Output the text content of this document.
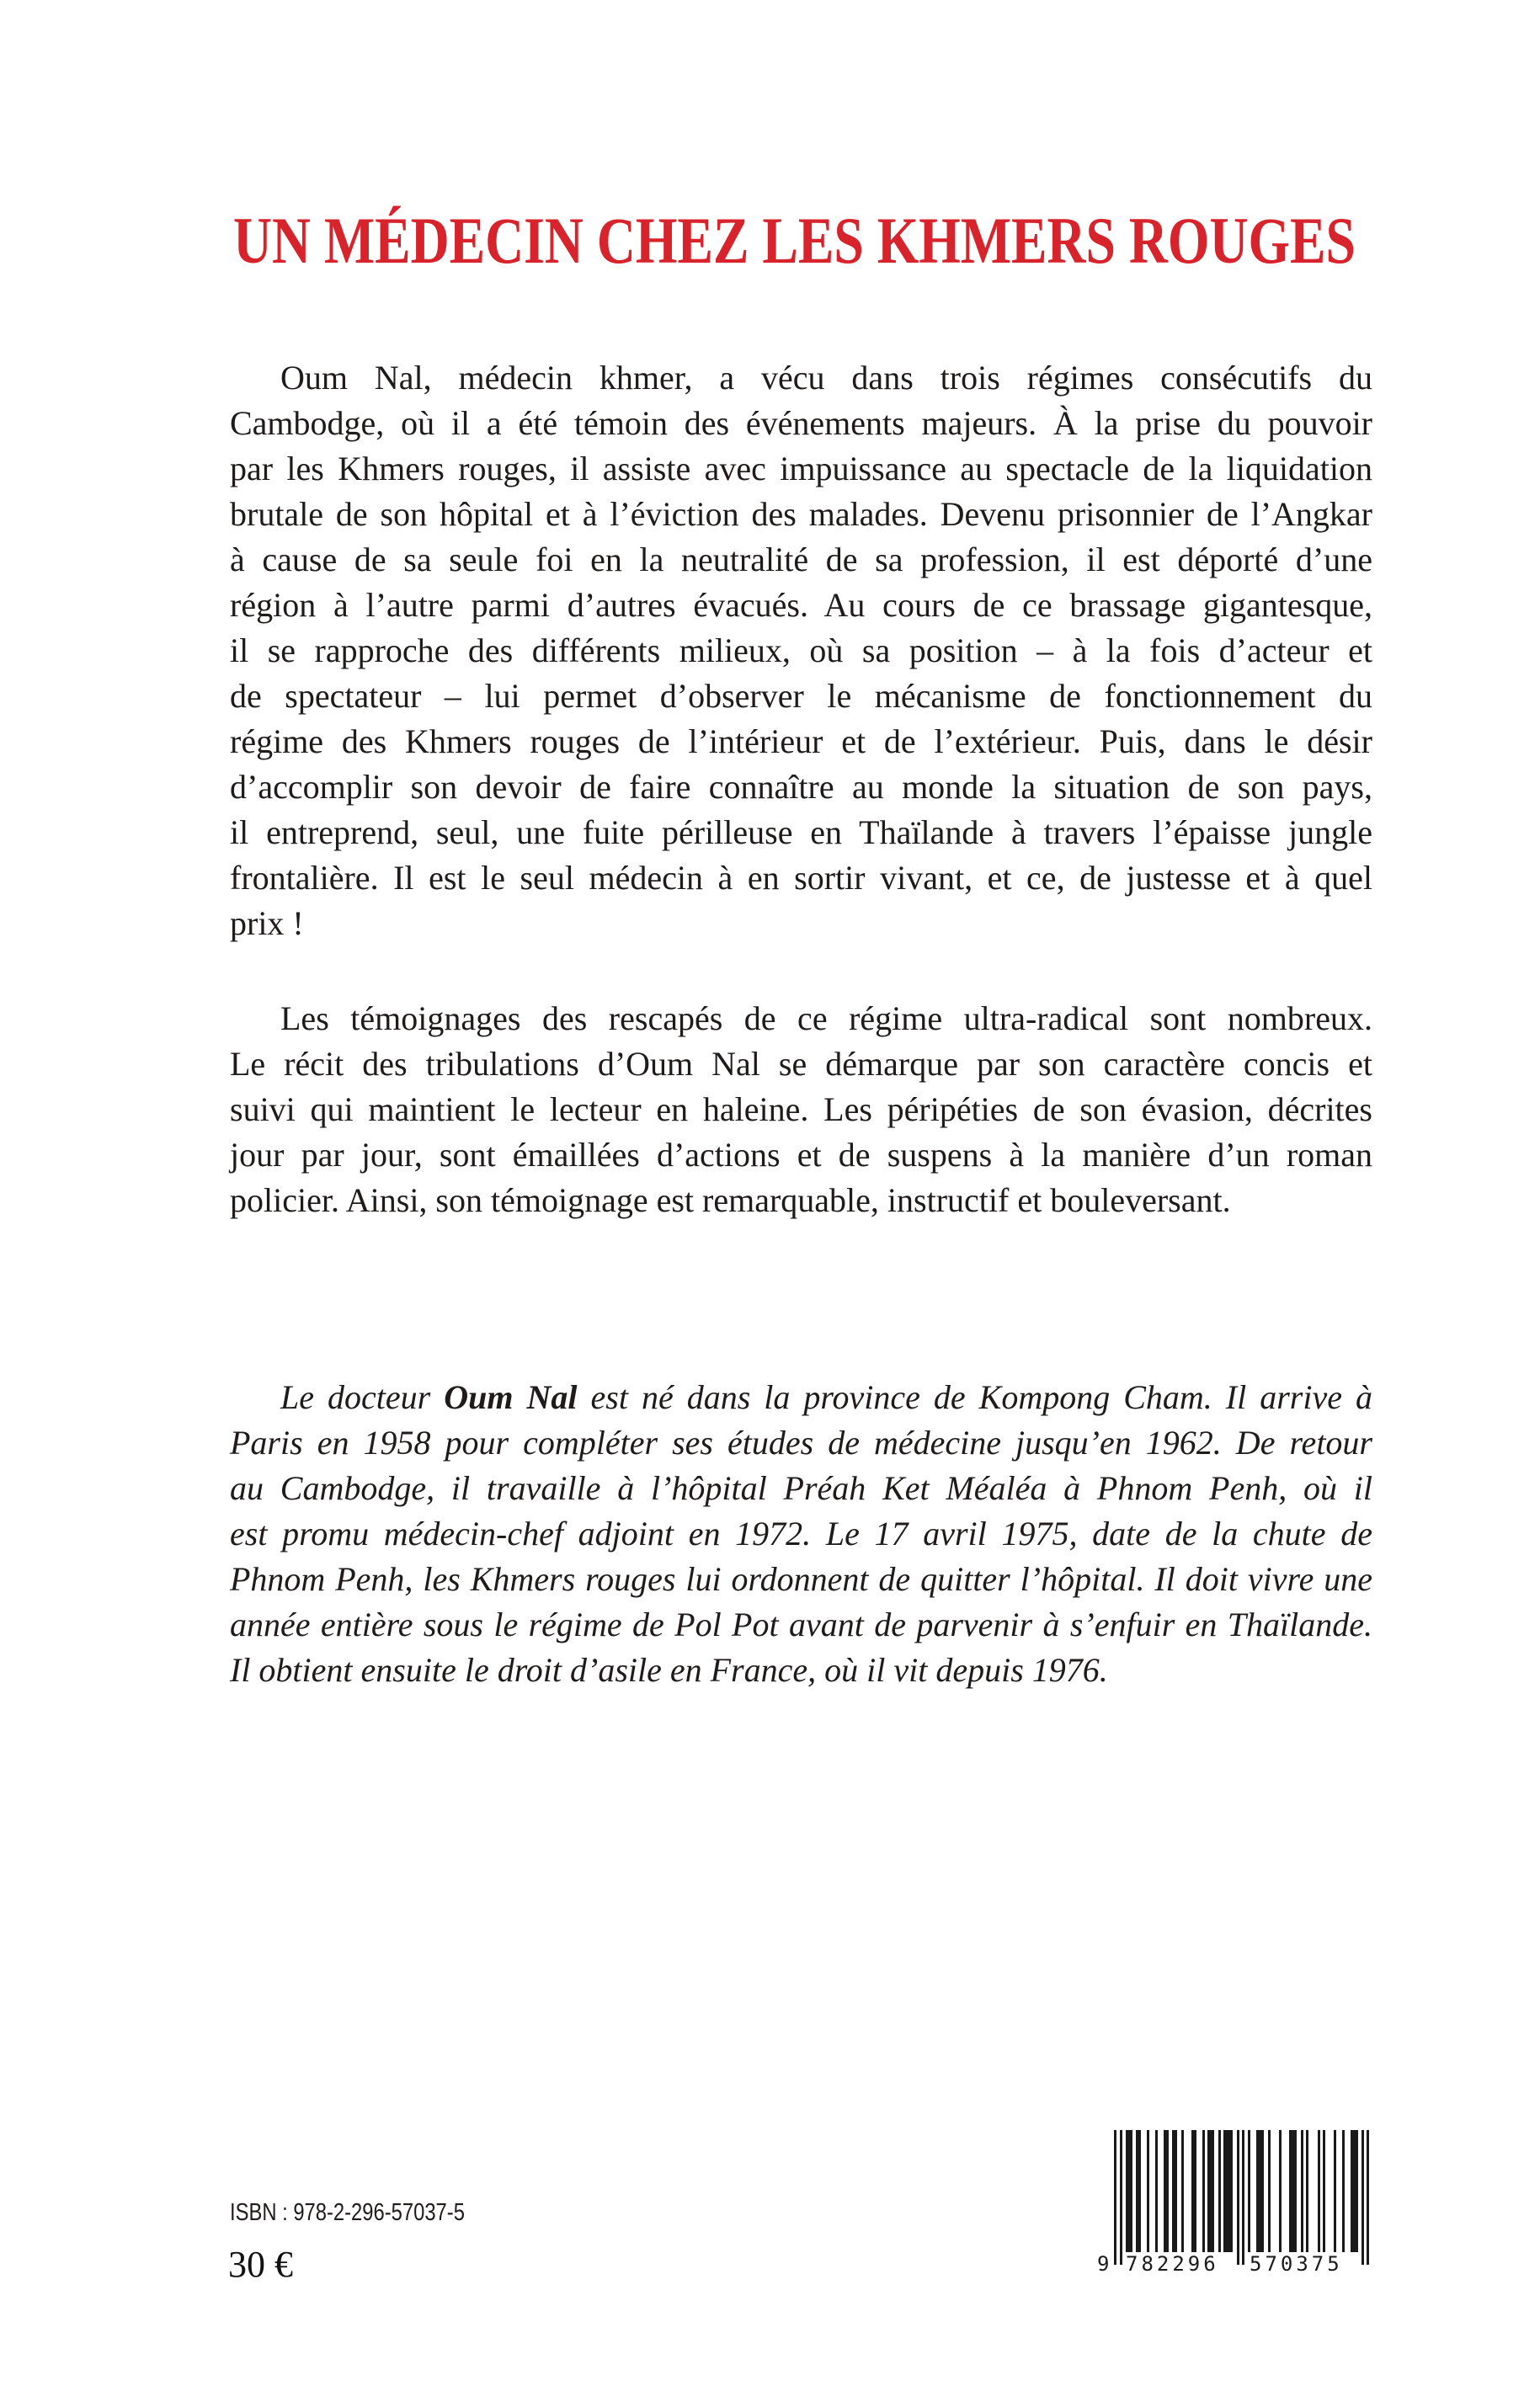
UN MÉDECIN CHEZ LES KHMERS ROUGES
Oum Nal, médecin khmer, a vécu dans trois régimes consécutifs du
Cambodge, où il a été témoin des événements majeurs. À la prise du pouvoir
par les Khmers rouges, il assiste avec impuissance au spectacle de la liquidation
brutale de son hôpital et à l’éviction des malades. Devenu prisonnier de l’Angkar
à cause de sa seule foi en la neutralité de sa profession, il est déporté d’une
région à l’autre parmi d’autres évacués. Au cours de ce brassage gigantesque,
il se rapproche des différents milieux, où sa position – à la fois d’acteur et
de spectateur – lui permet d’observer le mécanisme de fonctionnement du
régime des Khmers rouges de l’intérieur et de l’extérieur. Puis, dans le désir
d’accomplir son devoir de faire connaître au monde la situation de son pays,
il entreprend, seul, une fuite périlleuse en Thaïlande à travers l’épaisse jungle
frontalière. Il est le seul médecin à en sortir vivant, et ce, de justesse et à quel
prix !
Les témoignages des rescapés de ce régime ultra-radical sont nombreux.
Le récit des tribulations d’Oum Nal se démarque par son caractère concis et
suivi qui maintient le lecteur en haleine. Les péripéties de son évasion, décrites
jour par jour, sont émaillées d’actions et de suspens à la manière d’un roman
policier. Ainsi, son témoignage est remarquable, instructif et bouleversant.
Le docteur Oum Nal est né dans la province de Kompong Cham. Il arrive à
Paris en 1958 pour compléter ses études de médecine jusqu’en 1962. De retour
au Cambodge, il travaille à l’hôpital Préah Ket Méaléa à Phnom Penh, où il
est promu médecin-chef adjoint en 1972. Le 17 avril 1975, date de la chute de
Phnom Penh, les Khmers rouges lui ordonnent de quitter l’hôpital. Il doit vivre une
année entière sous le régime de Pol Pot avant de parvenir à s’enfuir en Thaïlande.
Il obtient ensuite le droit d’asile en France, où il vit depuis 1976.
ISBN : 978-2-296-57037-5
30 €	9 782296 570375
